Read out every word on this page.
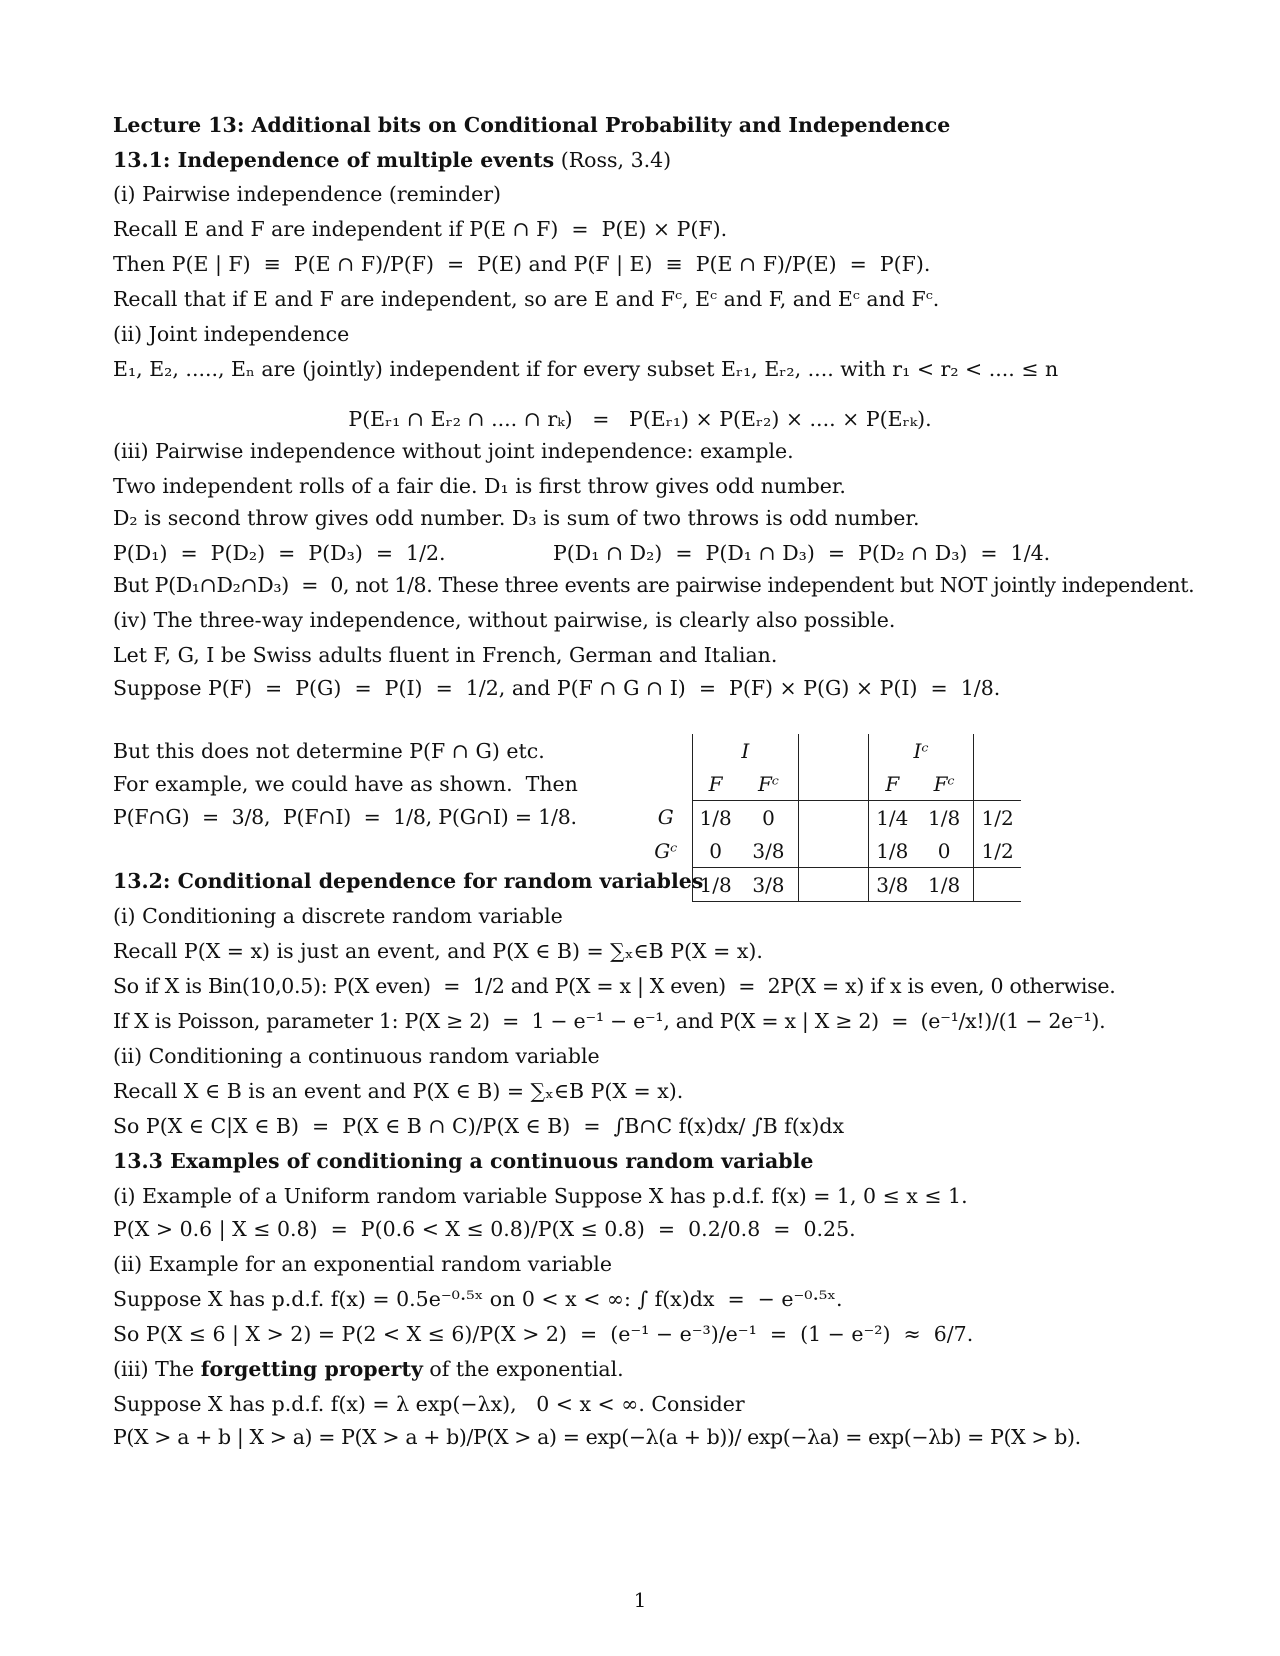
Lecture 13: Additional bits on Conditional Probability and Independence
13.1: Independence of multiple events (Ross, 3.4)
(i) Pairwise independence (reminder)
Recall E and F are independent if P(E ∩ F)  =  P(E) × P(F).
Then P(E | F)  ≡  P(E ∩ F)/P(F)  =  P(E) and P(F | E)  ≡  P(E ∩ F)/P(E)  =  P(F).
Recall that if E and F are independent, so are E and Fᶜ, Eᶜ and F, and Eᶜ and Fᶜ.
(ii) Joint independence
E₁, E₂, ....., Eₙ are (jointly) independent if for every subset Eᵣ₁, Eᵣ₂, .... with r₁ < r₂ < .... ≤ n
P(Eᵣ₁ ∩ Eᵣ₂ ∩ .... ∩ rₖ)   =   P(Eᵣ₁) × P(Eᵣ₂) × .... × P(Eᵣₖ).
(iii) Pairwise independence without joint independence: example.
Two independent rolls of a fair die. D₁ is first throw gives odd number.
D₂ is second throw gives odd number. D₃ is sum of two throws is odd number.
P(D₁)  =  P(D₂)  =  P(D₃)  =  1/2.	P(D₁ ∩ D₂)  =  P(D₁ ∩ D₃)  =  P(D₂ ∩ D₃)  =  1/4.
But P(D₁∩D₂∩D₃)  =  0, not 1/8. These three events are pairwise independent but NOT jointly independent.
(iv) The three-way independence, without pairwise, is clearly also possible.
Let F, G, I be Swiss adults fluent in French, German and Italian.
Suppose P(F)  =  P(G)  =  P(I)  =  1/2, and P(F ∩ G ∩ I)  =  P(F) × P(G) × P(I)  =  1/8.
But this does not determine P(F ∩ G) etc.
For example, we could have as shown.  Then
P(F∩G)  =  3/8,  P(F∩I)  =  1/8, P(G∩I) = 1/8.
	I			Iᶜ		
	F	Fᶜ		F	Fᶜ	
G	1/8	0		1/4	1/8	1/2
Gᶜ	0	3/8		1/8	0	1/2
	1/8	3/8		3/8	1/8	
13.2: Conditional dependence for random variables
(i) Conditioning a discrete random variable
Recall P(X = x) is just an event, and P(X ∈ B) = ∑ₓ∈B P(X = x).
So if X is Bin(10,0.5): P(X even)  =  1/2 and P(X = x | X even)  =  2P(X = x) if x is even, 0 otherwise.
If X is Poisson, parameter 1: P(X ≥ 2)  =  1 − e⁻¹ − e⁻¹, and P(X = x | X ≥ 2)  =  (e⁻¹/x!)/(1 − 2e⁻¹).
(ii) Conditioning a continuous random variable
Recall X ∈ B is an event and P(X ∈ B) = ∑ₓ∈B P(X = x).
So P(X ∈ C|X ∈ B)  =  P(X ∈ B ∩ C)/P(X ∈ B)  =  ∫B∩C f(x)dx/ ∫B f(x)dx
13.3 Examples of conditioning a continuous random variable
(i) Example of a Uniform random variable Suppose X has p.d.f. f(x) = 1, 0 ≤ x ≤ 1.
P(X > 0.6 | X ≤ 0.8)  =  P(0.6 < X ≤ 0.8)/P(X ≤ 0.8)  =  0.2/0.8  =  0.25.
(ii) Example for an exponential random variable
Suppose X has p.d.f. f(x) = 0.5e⁻⁰·⁵ˣ on 0 < x < ∞: ∫ f(x)dx  =  − e⁻⁰·⁵ˣ.
So P(X ≤ 6 | X > 2) = P(2 < X ≤ 6)/P(X > 2)  =  (e⁻¹ − e⁻³)/e⁻¹  =  (1 − e⁻²)  ≈  6/7.
(iii) The forgetting property of the exponential.
Suppose X has p.d.f. f(x) = λ exp(−λx),   0 < x < ∞. Consider
P(X > a + b | X > a) = P(X > a + b)/P(X > a) = exp(−λ(a + b))/ exp(−λa) = exp(−λb) = P(X > b).
1
